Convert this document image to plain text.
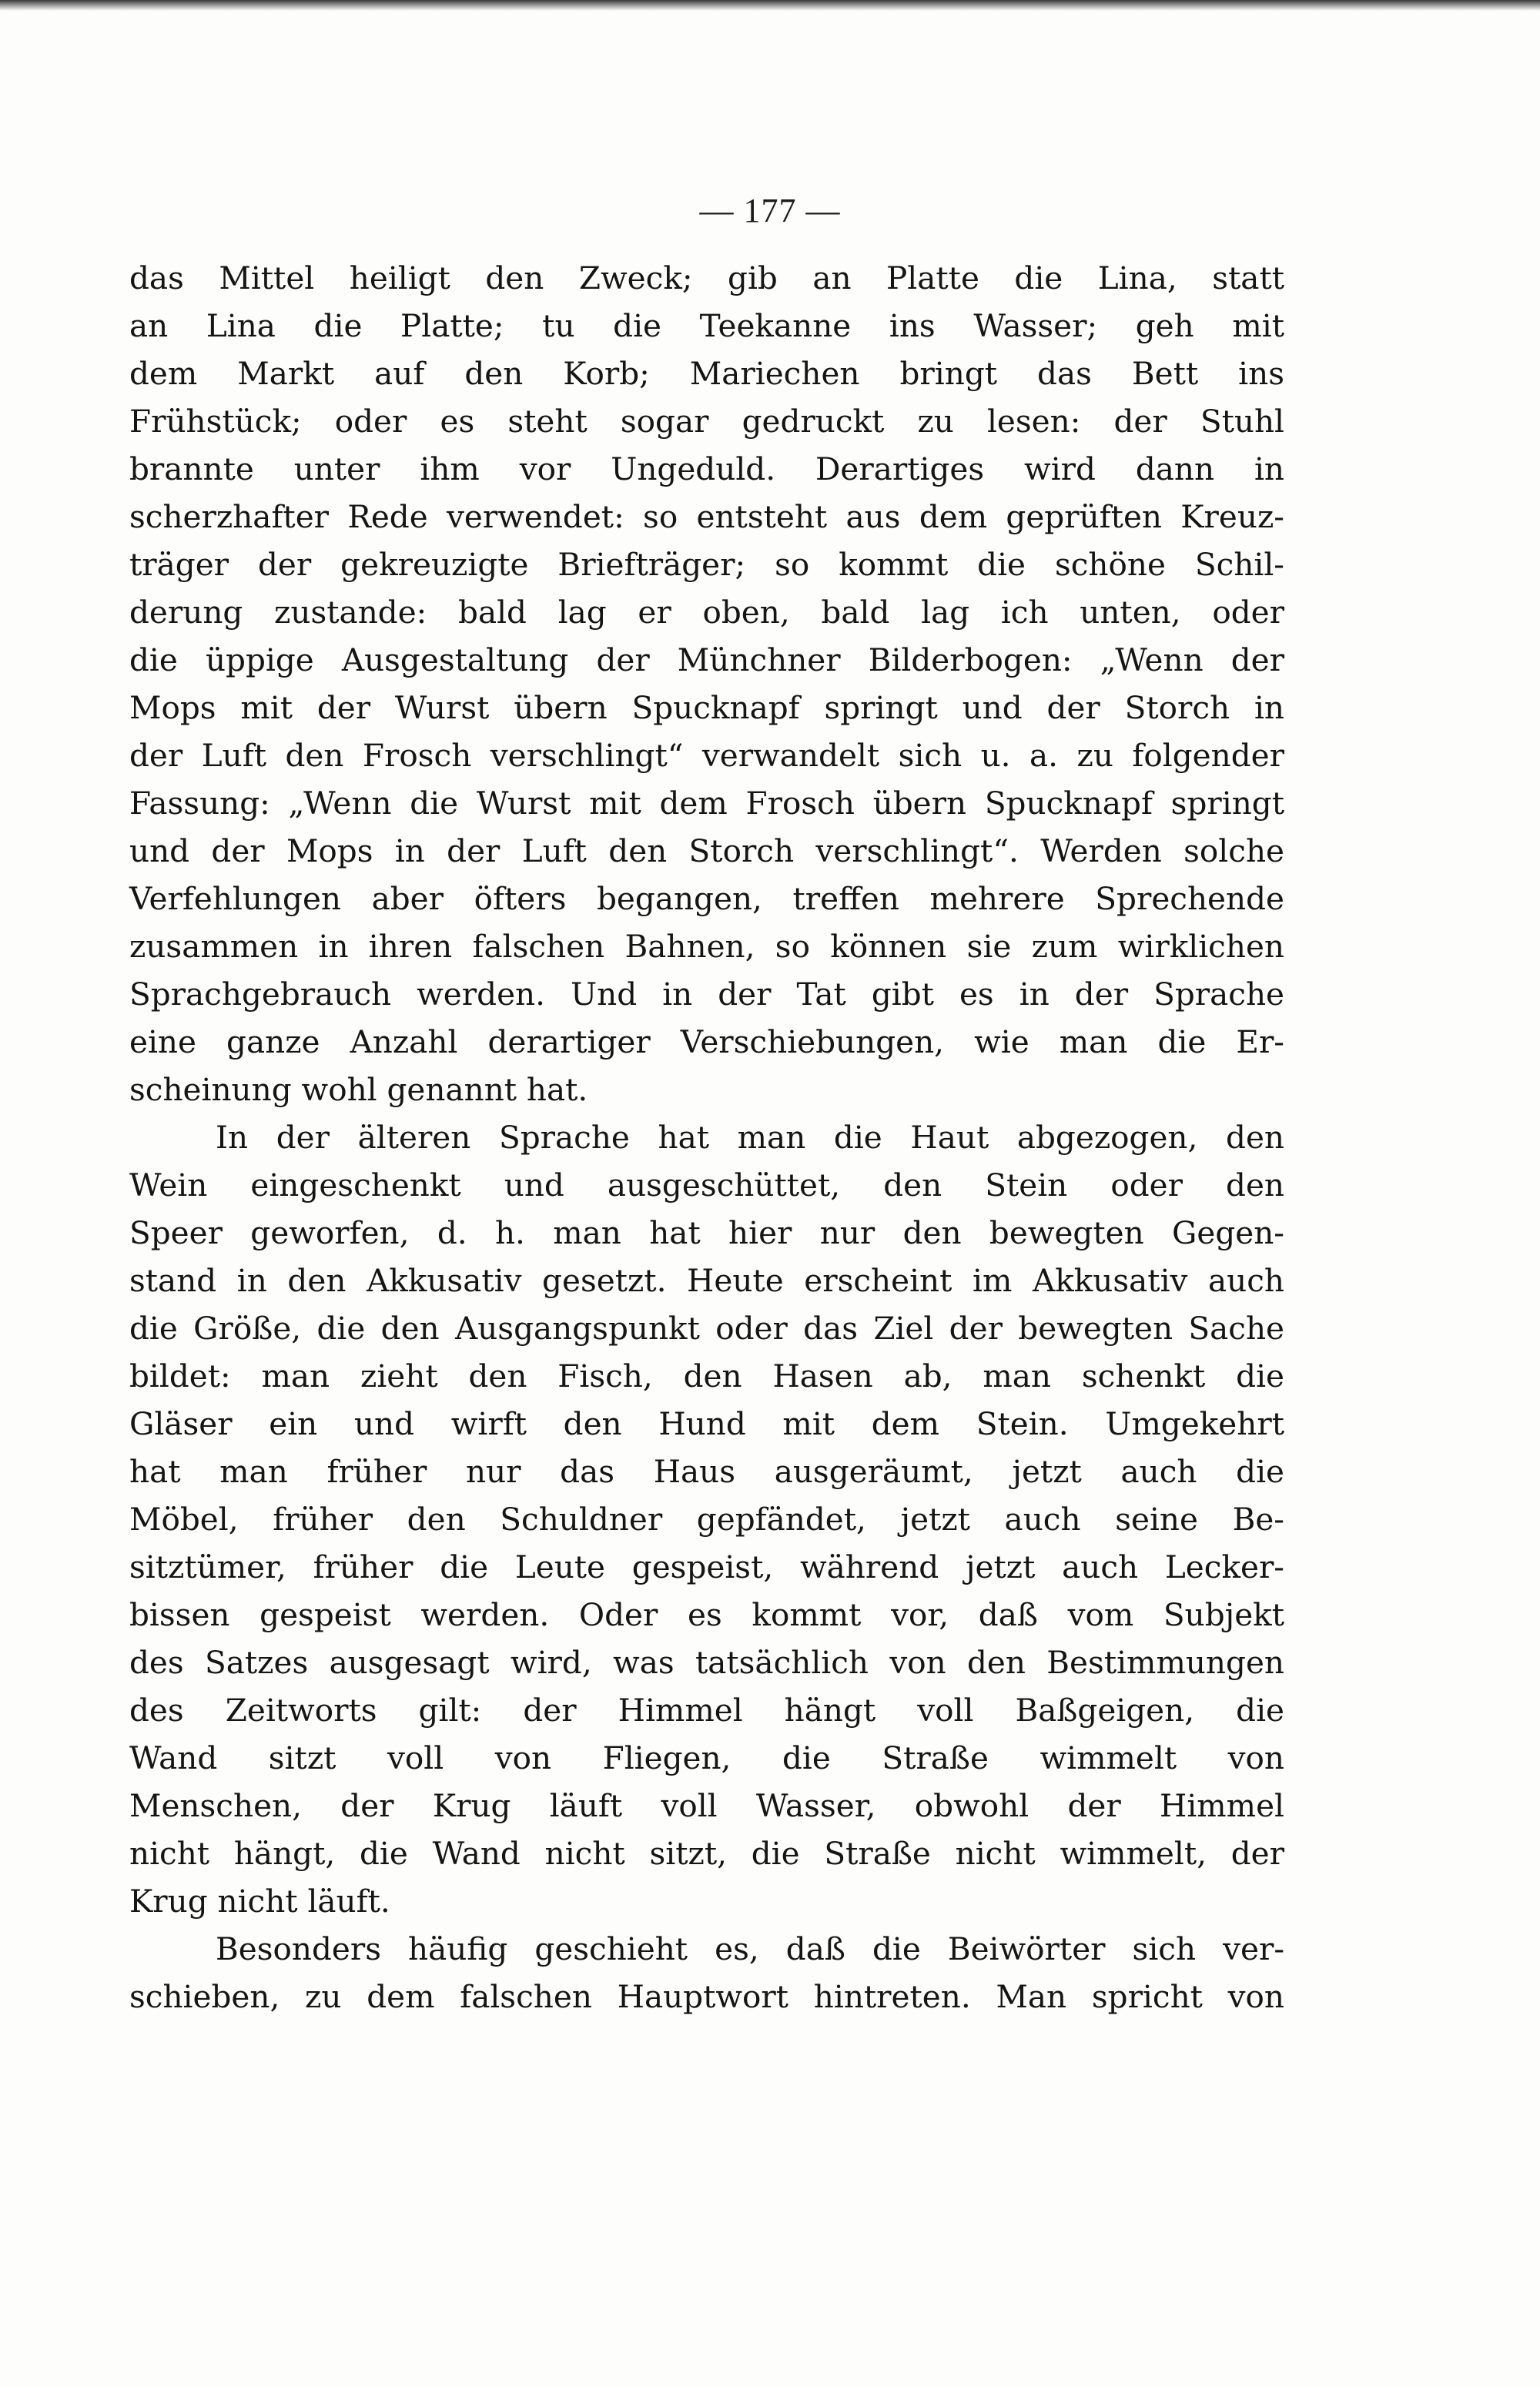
— 177 —
das Mittel heiligt den Zweck; gib an Platte die Lina, statt
an Lina die Platte; tu die Teekanne ins Wasser; geh mit
dem Markt auf den Korb; Mariechen bringt das Bett ins
Frühstück; oder es steht sogar gedruckt zu lesen: der Stuhl
brannte unter ihm vor Ungeduld. Derartiges wird dann in
scherzhafter Rede verwendet: so entsteht aus dem geprüften Kreuz-
träger der gekreuzigte Briefträger; so kommt die schöne Schil-
derung zustande: bald lag er oben, bald lag ich unten, oder
die üppige Ausgestaltung der Münchner Bilderbogen: „Wenn der
Mops mit der Wurst übern Spucknapf springt und der Storch in
der Luft den Frosch verschlingt“ verwandelt sich u. a. zu folgender
Fassung: „Wenn die Wurst mit dem Frosch übern Spucknapf springt
und der Mops in der Luft den Storch verschlingt“. Werden solche
Verfehlungen aber öfters begangen, treffen mehrere Sprechende
zusammen in ihren falschen Bahnen, so können sie zum wirklichen
Sprachgebrauch werden. Und in der Tat gibt es in der Sprache
eine ganze Anzahl derartiger Verschiebungen, wie man die Er-
scheinung wohl genannt hat.
In der älteren Sprache hat man die Haut abgezogen, den
Wein eingeschenkt und ausgeschüttet, den Stein oder den
Speer geworfen, d. h. man hat hier nur den bewegten Gegen-
stand in den Akkusativ gesetzt. Heute erscheint im Akkusativ auch
die Größe, die den Ausgangspunkt oder das Ziel der bewegten Sache
bildet: man zieht den Fisch, den Hasen ab, man schenkt die
Gläser ein und wirft den Hund mit dem Stein. Umgekehrt
hat man früher nur das Haus ausgeräumt, jetzt auch die
Möbel, früher den Schuldner gepfändet, jetzt auch seine Be-
sitztümer, früher die Leute gespeist, während jetzt auch Lecker-
bissen gespeist werden. Oder es kommt vor, daß vom Subjekt
des Satzes ausgesagt wird, was tatsächlich von den Bestimmungen
des Zeitworts gilt: der Himmel hängt voll Baßgeigen, die
Wand sitzt voll von Fliegen, die Straße wimmelt von
Menschen, der Krug läuft voll Wasser, obwohl der Himmel
nicht hängt, die Wand nicht sitzt, die Straße nicht wimmelt, der
Krug nicht läuft.
Besonders häufig geschieht es, daß die Beiwörter sich ver-
schieben, zu dem falschen Hauptwort hintreten. Man spricht von
